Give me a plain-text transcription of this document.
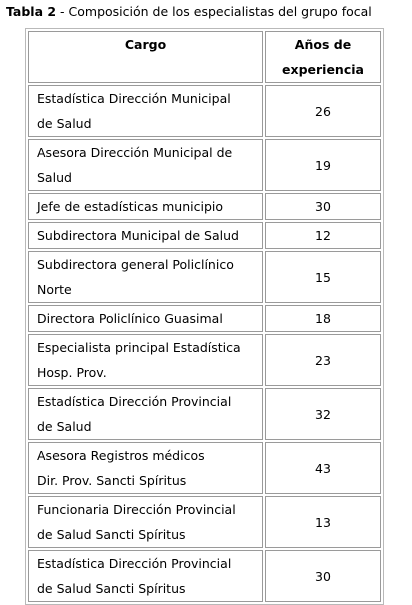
Tabla 2 - Composición de los especialistas del grupo focal
Cargo	Años de
experiencia

Estadística Dirección Municipal
de Salud	26

Asesora Dirección Municipal de
Salud	19

Jefe de estadísticas municipio	30

Subdirectora Municipal de Salud	12

Subdirectora general Policlínico
Norte	15

Directora Policlínico Guasimal	18

Especialista principal Estadística
Hosp. Prov.	23

Estadística Dirección Provincial
de Salud	32

Asesora Registros médicos
Dir. Prov. Sancti Spíritus	43

Funcionaria Dirección Provincial
de Salud Sancti Spíritus	13

Estadística Dirección Provincial
de Salud Sancti Spíritus	30
